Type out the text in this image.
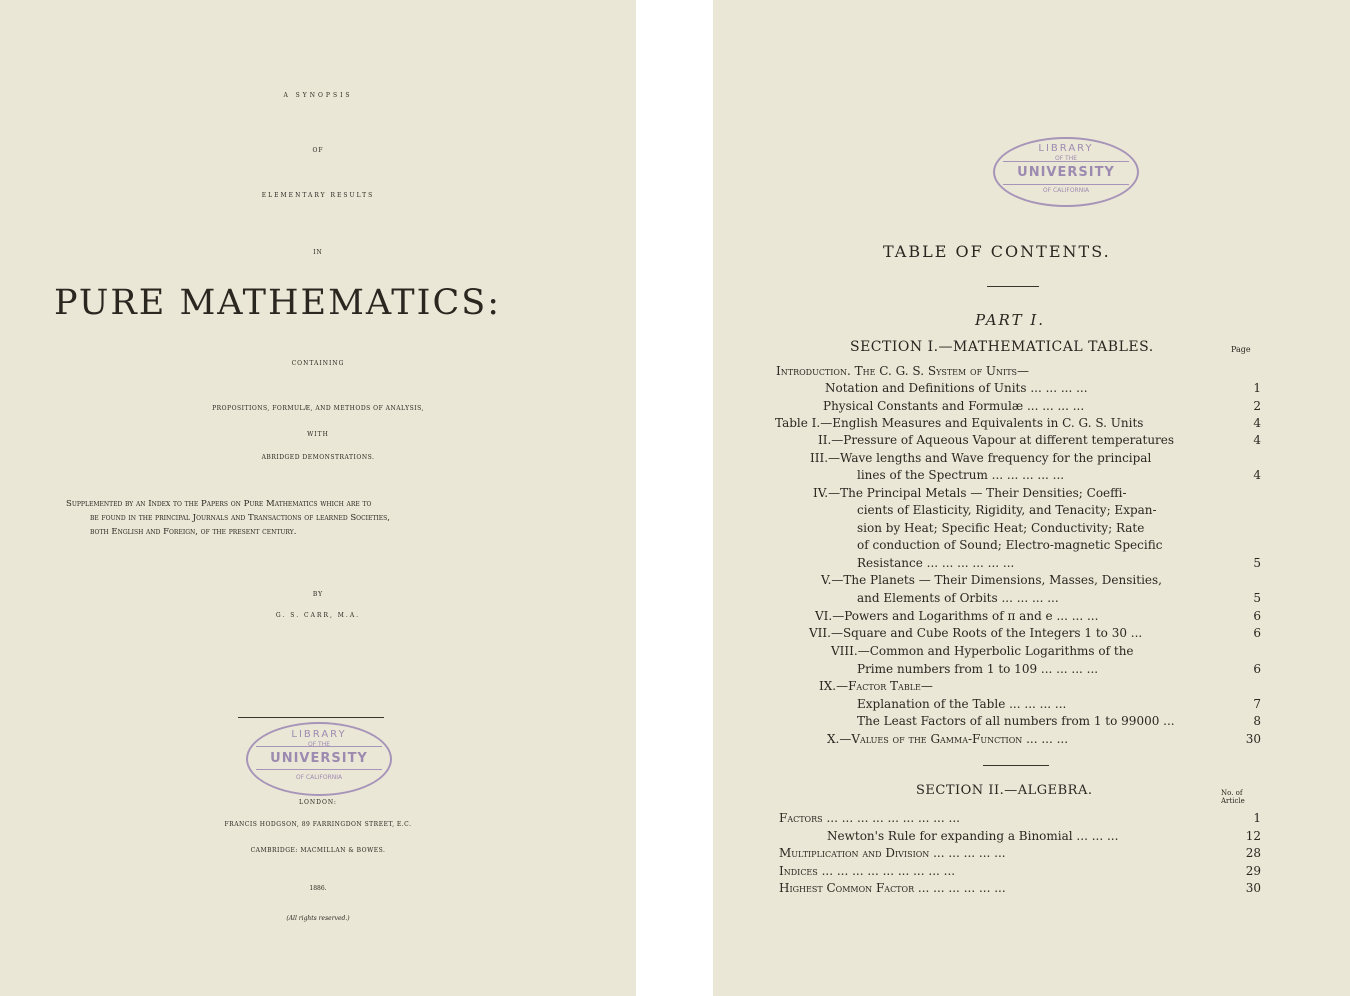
A SYNOPSIS
OF
ELEMENTARY RESULTS
IN
PURE MATHEMATICS:
CONTAINING
PROPOSITIONS, FORMULÆ, AND METHODS OF ANALYSIS,
WITH
ABRIDGED DEMONSTRATIONS.
Supplemented by an Index to the Papers on Pure Mathematics which are to
be found in the principal Journals and Transactions of learned Societies,
both English and Foreign, of the present century.
BY
G. S. CARR, M.A.
LIBRARY
OF THE
UNIVERSITY
OF CALIFORNIA
LONDON:
FRANCIS HODGSON, 89 FARRINGDON STREET, E.C.
CAMBRIDGE: MACMILLAN & BOWES.
1886.
(All rights reserved.)
LIBRARY
OF THE
UNIVERSITY
OF CALIFORNIA
TABLE OF CONTENTS.
PART I.
SECTION I.—MATHEMATICAL TABLES.	Page
Introduction. The C. G. S. System of Units—
Notation and Definitions of Units ... ... ... ...	1
Physical Constants and Formulæ ... ... ... ...	2
Table I.—English Measures and Equivalents in C. G. S. Units	4
II.—Pressure of Aqueous Vapour at different temperatures	4
III.—Wave lengths and Wave frequency for the principal
lines of the Spectrum ... ... ... ... ...	4
IV.—The Principal Metals — Their Densities; Coeffi-
cients of Elasticity, Rigidity, and Tenacity; Expan-
sion by Heat; Specific Heat; Conductivity; Rate
of conduction of Sound; Electro-magnetic Specific
Resistance ... ... ... ... ... ...	5
V.—The Planets — Their Dimensions, Masses, Densities,
and Elements of Orbits ... ... ... ...	5
VI.—Powers and Logarithms of π and e ... ... ...	6
VII.—Square and Cube Roots of the Integers 1 to 30 ...	6
VIII.—Common and Hyperbolic Logarithms of the
Prime numbers from 1 to 109 ... ... ... ...	6
IX.—Factor Table—
Explanation of the Table ... ... ... ...	7
The Least Factors of all numbers from 1 to 99000 ...	8
X.—Values of the Gamma-Function ... ... ...	30
SECTION II.—ALGEBRA.	No. of
Article
Factors ... ... ... ... ... ... ... ... ...	1
Newton's Rule for expanding a Binomial ... ... ...	12
Multiplication and Division ... ... ... ... ...	28
Indices ... ... ... ... ... ... ... ... ...	29
Highest Common Factor ... ... ... ... ... ...	30
